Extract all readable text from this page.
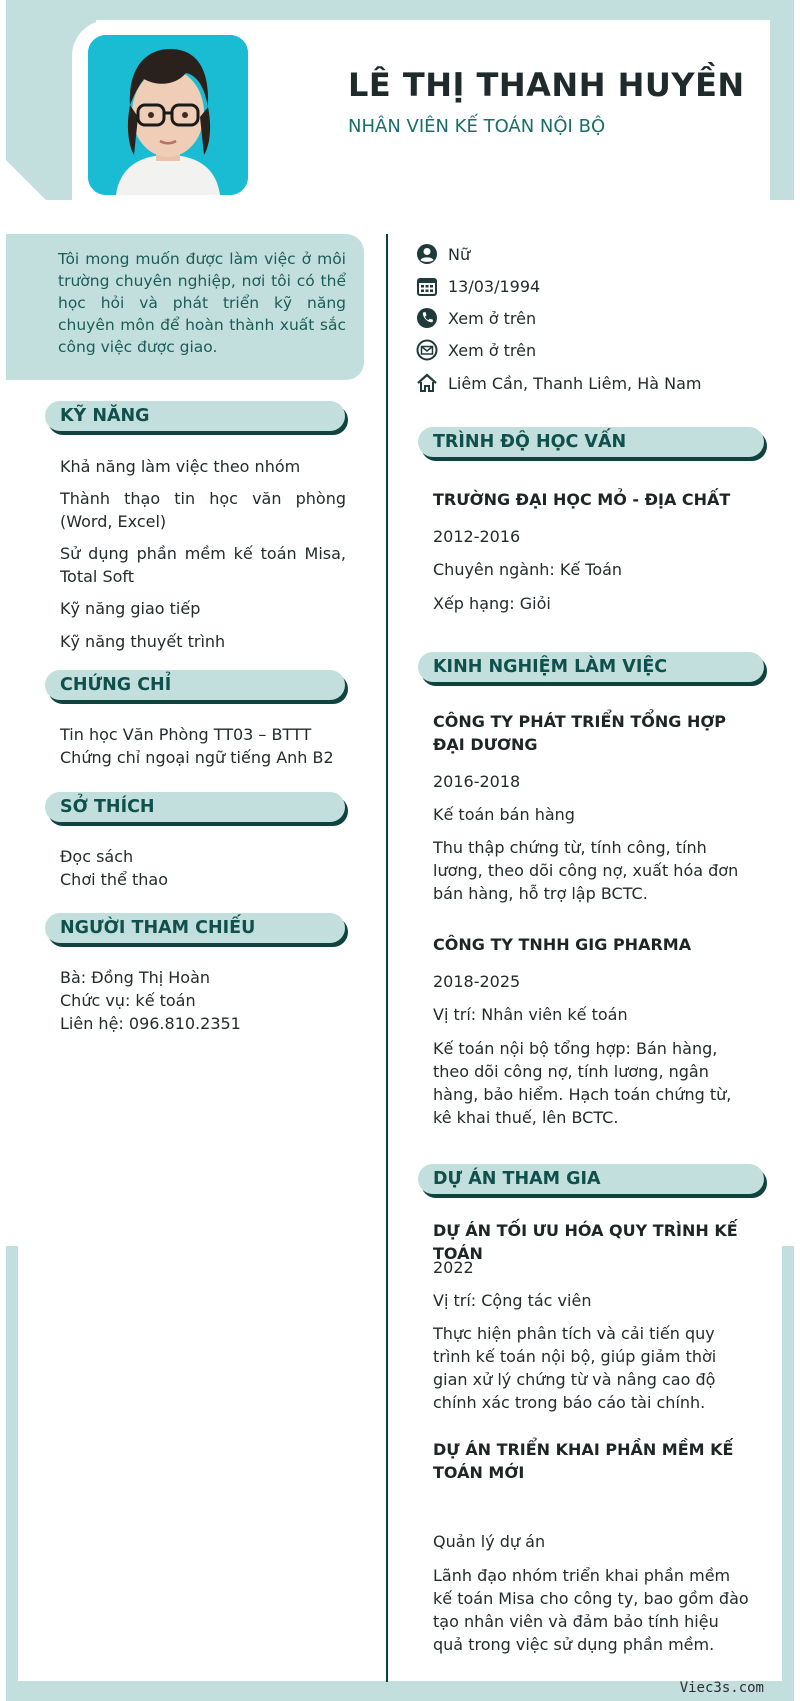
LÊ THỊ THANH HUYỀN
NHÂN VIÊN KẾ TOÁN NỘI BỘ
Tôi mong muốn được làm việc ở môi trường chuyên nghiệp, nơi tôi có thể học hỏi và phát triển kỹ năng chuyên môn để hoàn thành xuất sắc công việc được giao.
KỸ NĂNG
Khả năng làm việc theo nhóm
Thành thạo tin học văn phòng (Word, Excel)
Sử dụng phần mềm kế toán Misa, Total Soft
Kỹ năng giao tiếp
Kỹ năng thuyết trình
CHỨNG CHỈ
Tin học Văn Phòng TT03 – BTTT
Chứng chỉ ngoại ngữ tiếng Anh B2
SỞ THÍCH
Đọc sách
Chơi thể thao
NGƯỜI THAM CHIẾU
Bà: Đồng Thị Hoàn
Chức vụ: kế toán
Liên hệ: 096.810.2351
Nữ
13/03/1994
Xem ở trên
Xem ở trên
Liêm Cần, Thanh Liêm, Hà Nam
TRÌNH ĐỘ HỌC VẤN
TRƯỜNG ĐẠI HỌC MỎ - ĐỊA CHẤT
2012-2016
Chuyên ngành: Kế Toán
Xếp hạng: Giỏi
KINH NGHIỆM LÀM VIỆC
CÔNG TY PHÁT TRIỂN TỔNG HỢP ĐẠI DƯƠNG
2016-2018
Kế toán bán hàng
Thu thập chứng từ, tính công, tính lương, theo dõi công nợ, xuất hóa đơn bán hàng, hỗ trợ lập BCTC.
CÔNG TY TNHH GIG PHARMA
2018-2025
Vị trí: Nhân viên kế toán
Kế toán nội bộ tổng hợp: Bán hàng, theo dõi công nợ, tính lương, ngân hàng, bảo hiểm. Hạch toán chứng từ, kê khai thuế, lên BCTC.
DỰ ÁN THAM GIA
DỰ ÁN TỐI ƯU HÓA QUY TRÌNH KẾ TOÁN
2022
Vị trí: Cộng tác viên
Thực hiện phân tích và cải tiến quy trình kế toán nội bộ, giúp giảm thời gian xử lý chứng từ và nâng cao độ chính xác trong báo cáo tài chính.
DỰ ÁN TRIỂN KHAI PHẦN MỀM KẾ TOÁN MỚI
Quản lý dự án
Lãnh đạo nhóm triển khai phần mềm kế toán Misa cho công ty, bao gồm đào tạo nhân viên và đảm bảo tính hiệu quả trong việc sử dụng phần mềm.
Viec3s.com
